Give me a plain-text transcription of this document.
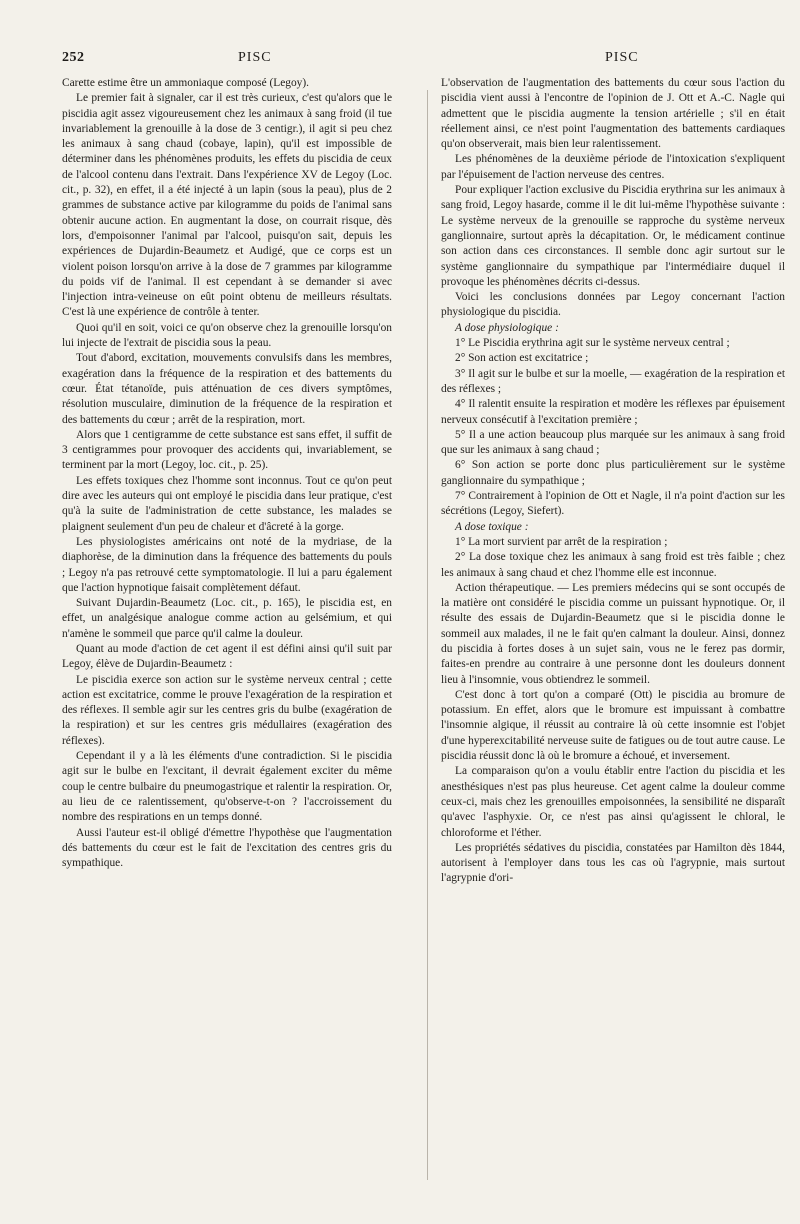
252	PISC	PISC

Carette estime être un ammoniaque composé (Legoy).

Le premier fait à signaler, car il est très curieux, c'est qu'alors que le piscidia agit assez vigoureusement chez les animaux à sang froid (il tue invariablement la grenouille à la dose de 3 centigr.), il agit si peu chez les animaux à sang chaud (cobaye, lapin), qu'il est impossible de déterminer dans les phénomènes produits, les effets du piscidia de ceux de l'alcool contenu dans l'extrait. Dans l'expérience XV de Legoy (Loc. cit., p. 32), en effet, il a été injecté à un lapin (sous la peau), plus de 2 grammes de substance active par kilogramme du poids de l'animal sans obtenir aucune action. En augmentant la dose, on courrait risque, dès lors, d'empoisonner l'animal par l'alcool, puisqu'on sait, depuis les expériences de Dujardin-Beaumetz et Audigé, que ce corps est un violent poison lorsqu'on arrive à la dose de 7 grammes par kilogramme du poids vif de l'animal. Il est cependant à se demander si avec l'injection intra-veineuse on eût point obtenu de meilleurs résultats. C'est là une expérience de contrôle à tenter.

Quoi qu'il en soit, voici ce qu'on observe chez la grenouille lorsqu'on lui injecte de l'extrait de piscidia sous la peau.

Tout d'abord, excitation, mouvements convulsifs dans les membres, exagération dans la fréquence de la respiration et des battements du cœur. État tétanoïde, puis atténuation de ces divers symptômes, résolution musculaire, diminution de la fréquence de la respiration et des battements du cœur ; arrêt de la respiration, mort.

Alors que 1 centigramme de cette substance est sans effet, il suffit de 3 centigrammes pour provoquer des accidents qui, invariablement, se terminent par la mort (Legoy, loc. cit., p. 25).

Les effets toxiques chez l'homme sont inconnus. Tout ce qu'on peut dire avec les auteurs qui ont employé le piscidia dans leur pratique, c'est qu'à la suite de l'administration de cette substance, les malades se plaignent seulement d'un peu de chaleur et d'âcreté à la gorge.

Les physiologistes américains ont noté de la mydriase, de la diaphorèse, de la diminution dans la fréquence des battements du pouls ; Legoy n'a pas retrouvé cette symptomatologie. Il lui a paru également que l'action hypnotique faisait complètement défaut.

Suivant Dujardin-Beaumetz (Loc. cit., p. 165), le piscidia est, en effet, un analgésique analogue comme action au gelsémium, et qui n'amène le sommeil que parce qu'il calme la douleur.

Quant au mode d'action de cet agent il est défini ainsi qu'il suit par Legoy, élève de Dujardin-Beaumetz :

Le piscidia exerce son action sur le système nerveux central ; cette action est excitatrice, comme le prouve l'exagération de la respiration et des réflexes. Il semble agir sur les centres gris du bulbe (exagération de la respiration) et sur les centres gris médullaires (exagération des réflexes).

Cependant il y a là les éléments d'une contradiction. Si le piscidia agit sur le bulbe en l'excitant, il devrait également exciter du même coup le centre bulbaire du pneumogastrique et ralentir la respiration. Or, au lieu de ce ralentissement, qu'observe-t-on ? l'accroissement du nombre des respirations en un temps donné.

Aussi l'auteur est-il obligé d'émettre l'hypothèse que l'augmentation dés battements du cœur est le fait de l'excitation des centres gris du sympathique.

L'observation de l'augmentation des battements du cœur sous l'action du piscidia vient aussi à l'encontre de l'opinion de J. Ott et A.-C. Nagle qui admettent que le piscidia augmente la tension artérielle ; s'il en était réellement ainsi, ce n'est point l'augmentation des battements cardiaques qu'on observerait, mais bien leur ralentissement.

Les phénomènes de la deuxième période de l'intoxication s'expliquent par l'épuisement de l'action nerveuse des centres.

Pour expliquer l'action exclusive du Piscidia erythrina sur les animaux à sang froid, Legoy hasarde, comme il le dit lui-même l'hypothèse suivante : Le système nerveux de la grenouille se rapproche du système nerveux ganglionnaire, surtout après la décapitation. Or, le médicament continue son action dans ces circonstances. Il semble donc agir surtout sur le système ganglionnaire du sympathique par l'intermédiaire duquel il provoque les phénomènes décrits ci-dessus.

Voici les conclusions données par Legoy concernant l'action physiologique du piscidia.

A dose physiologique :

1° Le Piscidia erythrina agit sur le système nerveux central ;

2° Son action est excitatrice ;

3° Il agit sur le bulbe et sur la moelle, — exagération de la respiration et des réflexes ;

4° Il ralentit ensuite la respiration et modère les réflexes par épuisement nerveux consécutif à l'excitation première ;

5° Il a une action beaucoup plus marquée sur les animaux à sang froid que sur les animaux à sang chaud ;

6° Son action se porte donc plus particulièrement sur le système ganglionnaire du sympathique ;

7° Contrairement à l'opinion de Ott et Nagle, il n'a point d'action sur les sécrétions (Legoy, Siefert).

A dose toxique :

1° La mort survient par arrêt de la respiration ;

2° La dose toxique chez les animaux à sang froid est très faible ; chez les animaux à sang chaud et chez l'homme elle est inconnue.

Action thérapeutique. — Les premiers médecins qui se sont occupés de la matière ont considéré le piscidia comme un puissant hypnotique. Or, il résulte des essais de Dujardin-Beaumetz que si le piscidia donne le sommeil aux malades, il ne le fait qu'en calmant la douleur. Ainsi, donnez du piscidia à fortes doses à un sujet sain, vous ne le ferez pas dormir, faites-en prendre au contraire à une personne dont les douleurs donnent lieu à l'insomnie, vous obtiendrez le sommeil.

C'est donc à tort qu'on a comparé (Ott) le piscidia au bromure de potassium. En effet, alors que le bromure est impuissant à combattre l'insomnie algique, il réussit au contraire là où cette insomnie est l'objet d'une hyperexcitabilité nerveuse suite de fatigues ou de tout autre cause. Le piscidia réussit donc là où le bromure a échoué, et inversement.

La comparaison qu'on a voulu établir entre l'action du piscidia et les anesthésiques n'est pas plus heureuse. Cet agent calme la douleur comme ceux-ci, mais chez les grenouilles empoisonnées, la sensibilité ne disparaît qu'avec l'asphyxie. Or, ce n'est pas ainsi qu'agissent le chloral, le chloroforme et l'éther.

Les propriétés sédatives du piscidia, constatées par Hamilton dès 1844, autorisent à l'employer dans tous les cas où l'agrypnie, mais surtout l'agrypnie d'ori-
